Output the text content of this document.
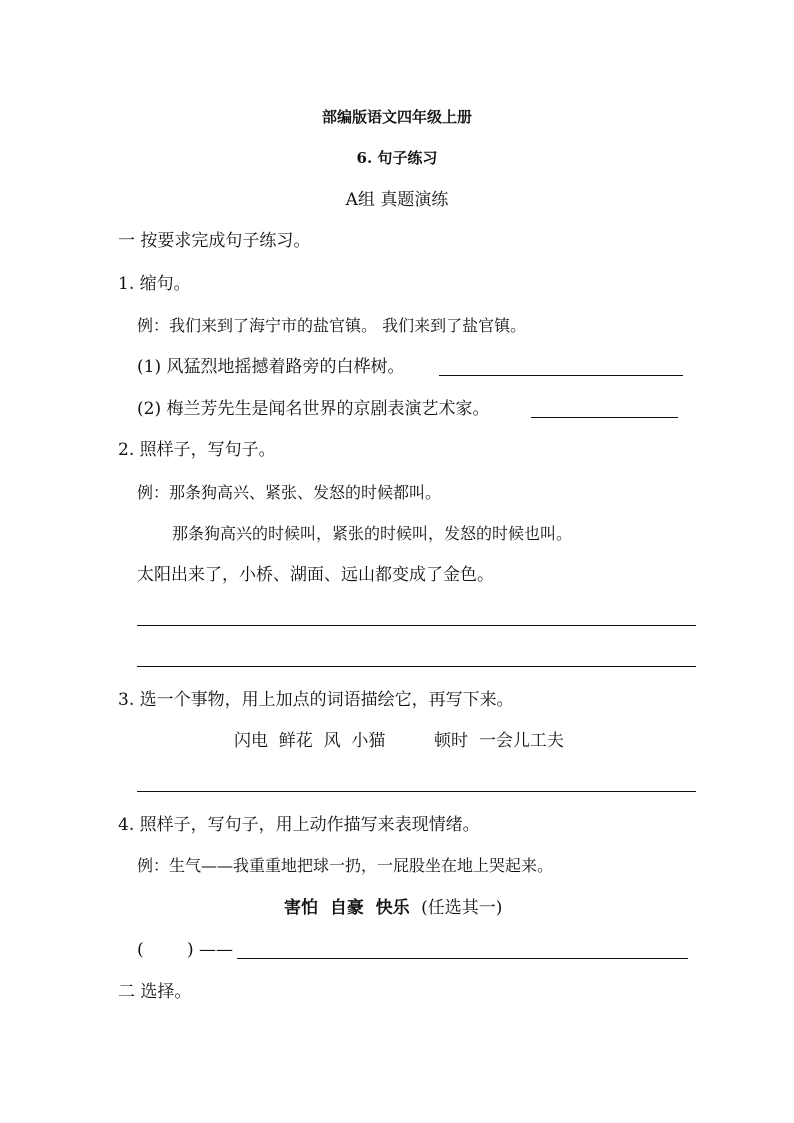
部编版语文四年级上册
6. 句子练习
A组 真题演练
一 按要求完成句子练习。
1. 缩句。
例：我们来到了海宁市的盐官镇。 我们来到了盐官镇。
(1) 风猛烈地摇撼着路旁的白桦树。
(2) 梅兰芳先生是闻名世界的京剧表演艺术家。
2. 照样子，写句子。
例：那条狗高兴、紧张、发怒的时候都叫。
那条狗高兴的时候叫，紧张的时候叫，发怒的时候也叫。
太阳出来了，小桥、湖面、远山都变成了金色。
3. 选一个事物，用上加点的词语描绘它，再写下来。
闪电  鲜花  风  小猫         顿时  一会儿工夫
4. 照样子，写句子，用上动作描写来表现情绪。
例：生气——我重重地把球一扔，一屁股坐在地上哭起来。
害怕  自豪  快乐 (任选其一)
(	) ——
二 选择。
